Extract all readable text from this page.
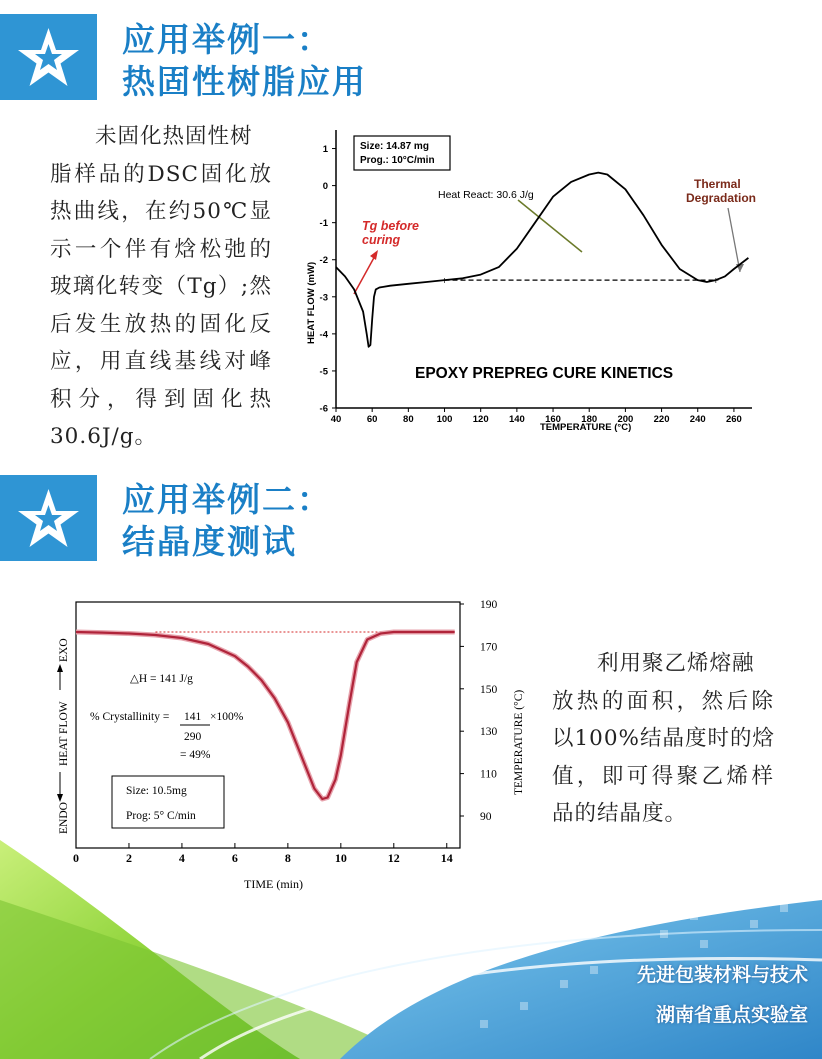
应用举例一：
热固性树脂应用
　　未固化热固性树
脂样品的DSC固化放
热曲线，在约50℃显
示一个伴有焓松弛的
玻璃化转变（Tg）;然
后发生放热的固化反
应，用直线基线对峰
积分，得到固化热
30.6J/g。
40	60	80 100 120 140 160 180 200 220 240 260
1
0
-1
-2
-3
-4
-5
-6
Size: 14.87 mg
Prog.: 10°C/min
Heat React: 30.6 J/g
Thermal
Degradation
Tg before
curing
EPOXY PREPREG CURE KINETICS
TEMPERATURE (°C)
HEAT FLOW (mW)	+	+
应用举例二：
结晶度测试
　　利用聚乙烯熔融
放热的面积，然后除
以100%结晶度时的焓
值，即可得聚乙烯样
品的结晶度。
0	2	4	6	8	10	12	14
190
170
150
130
110
90
△H = 141 J/g
% Crystallinity = 141 ×100%
290
= 49%
Size: 10.5mg
Prog: 5° C/min
TIME (min)
TEMPERATURE (°C)
HEAT FLOW
EXO
ENDO
先进包装材料与技术
湖南省重点实验室
